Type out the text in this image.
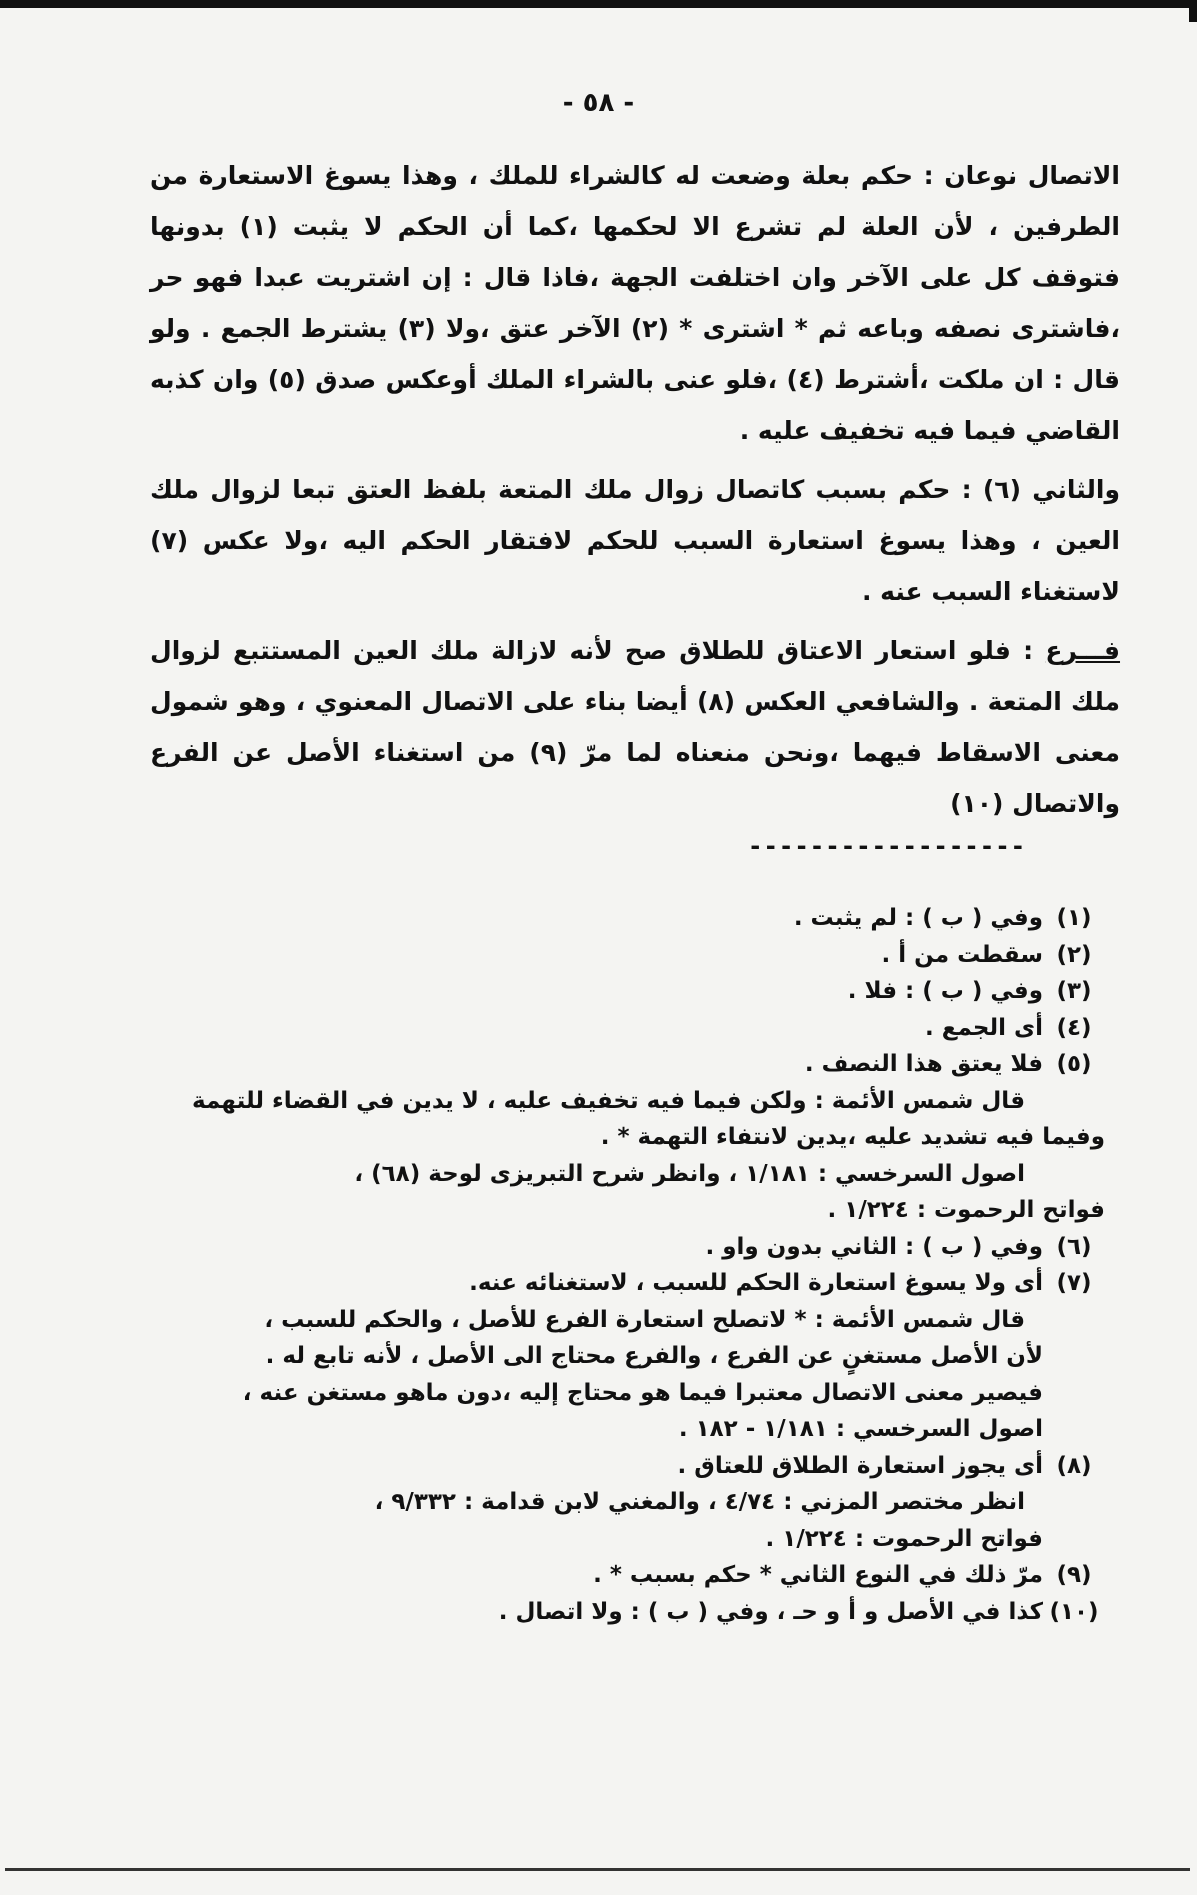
- ٥٨ -

الاتصال نوعان : حكم بعلة وضعت له كالشراء للملك ، وهذا يسوغ الاستعارة من الطرفين ، لأن العلة لم تشرع الا لحكمها ،كما أن الحكم لا يثبت (١) بدونها فتوقف كل على الآخر وان اختلفت الجهة ،فاذا قال : إن اشتريت عبدا فهو حر ،فاشترى نصفه وباعه ثم * اشترى * (٢) الآخر عتق ،ولا (٣) يشترط الجمع . ولو قال : ان ملكت ،أشترط (٤) ،فلو عنى بالشراء الملك أوعكس صدق (٥) وان كذبه القاضي فيما فيه تخفيف عليه .

والثاني (٦) : حكم بسبب كاتصال زوال ملك المتعة بلفظ العتق تبعا لزوال ملك العين ، وهذا يسوغ استعارة السبب للحكم لافتقار الحكم اليه ،ولا عكس (٧) لاستغناء السبب عنه .

فـــرع : فلو استعار الاعتاق للطلاق صح لأنه لازالة ملك العين المستتبع لزوال ملك المتعة . والشافعي العكس (٨) أيضا بناء على الاتصال المعنوي ، وهو شمول معنى الاسقاط فيهما ،ونحن منعناه لما مرّ (٩) من استغناء الأصل عن الفرع والاتصال (١٠)

------------------
(١)
وفي ( ب ) : لم يثبت .
(٢)
سقطت من أ .
(٣)
وفي ( ب ) : فلا .
(٤)
أى الجمع .
(٥)
فلا يعتق هذا النصف .
قال شمس الأئمة : ولكن فيما فيه تخفيف عليه ، لا يدين في القضاء للتهمة
وفيما فيه تشديد عليه ،يدين لانتفاء التهمة * .
اصول السرخسي : ١/١٨١ ، وانظر شرح التبريزى لوحة (٦٨) ،
فواتح الرحموت : ١/٢٢٤ .
(٦)
وفي ( ب ) : الثاني بدون واو .
(٧)
أى ولا يسوغ استعارة الحكم للسبب ، لاستغنائه عنه.
قال شمس الأئمة : * لاتصلح استعارة الفرع للأصل ، والحكم للسبب ،
لأن الأصل مستغنٍ عن الفرع ، والفرع محتاج الى الأصل ، لأنه تابع له .
فيصير معنى الاتصال معتبرا فيما هو محتاج إليه ،دون ماهو مستغن عنه ،
اصول السرخسي : ١/١٨١ - ١٨٢ .
(٨)
أى يجوز استعارة الطلاق للعتاق .
انظر مختصر المزني : ٤/٧٤ ، والمغني لابن قدامة : ٩/٣٣٢ ،
فواتح الرحموت : ١/٢٢٤ .
(٩)
مرّ ذلك في النوع الثاني * حكم بسبب * .
(١٠)
كذا في الأصل و أ و حـ ، وفي ( ب ) : ولا اتصال .
